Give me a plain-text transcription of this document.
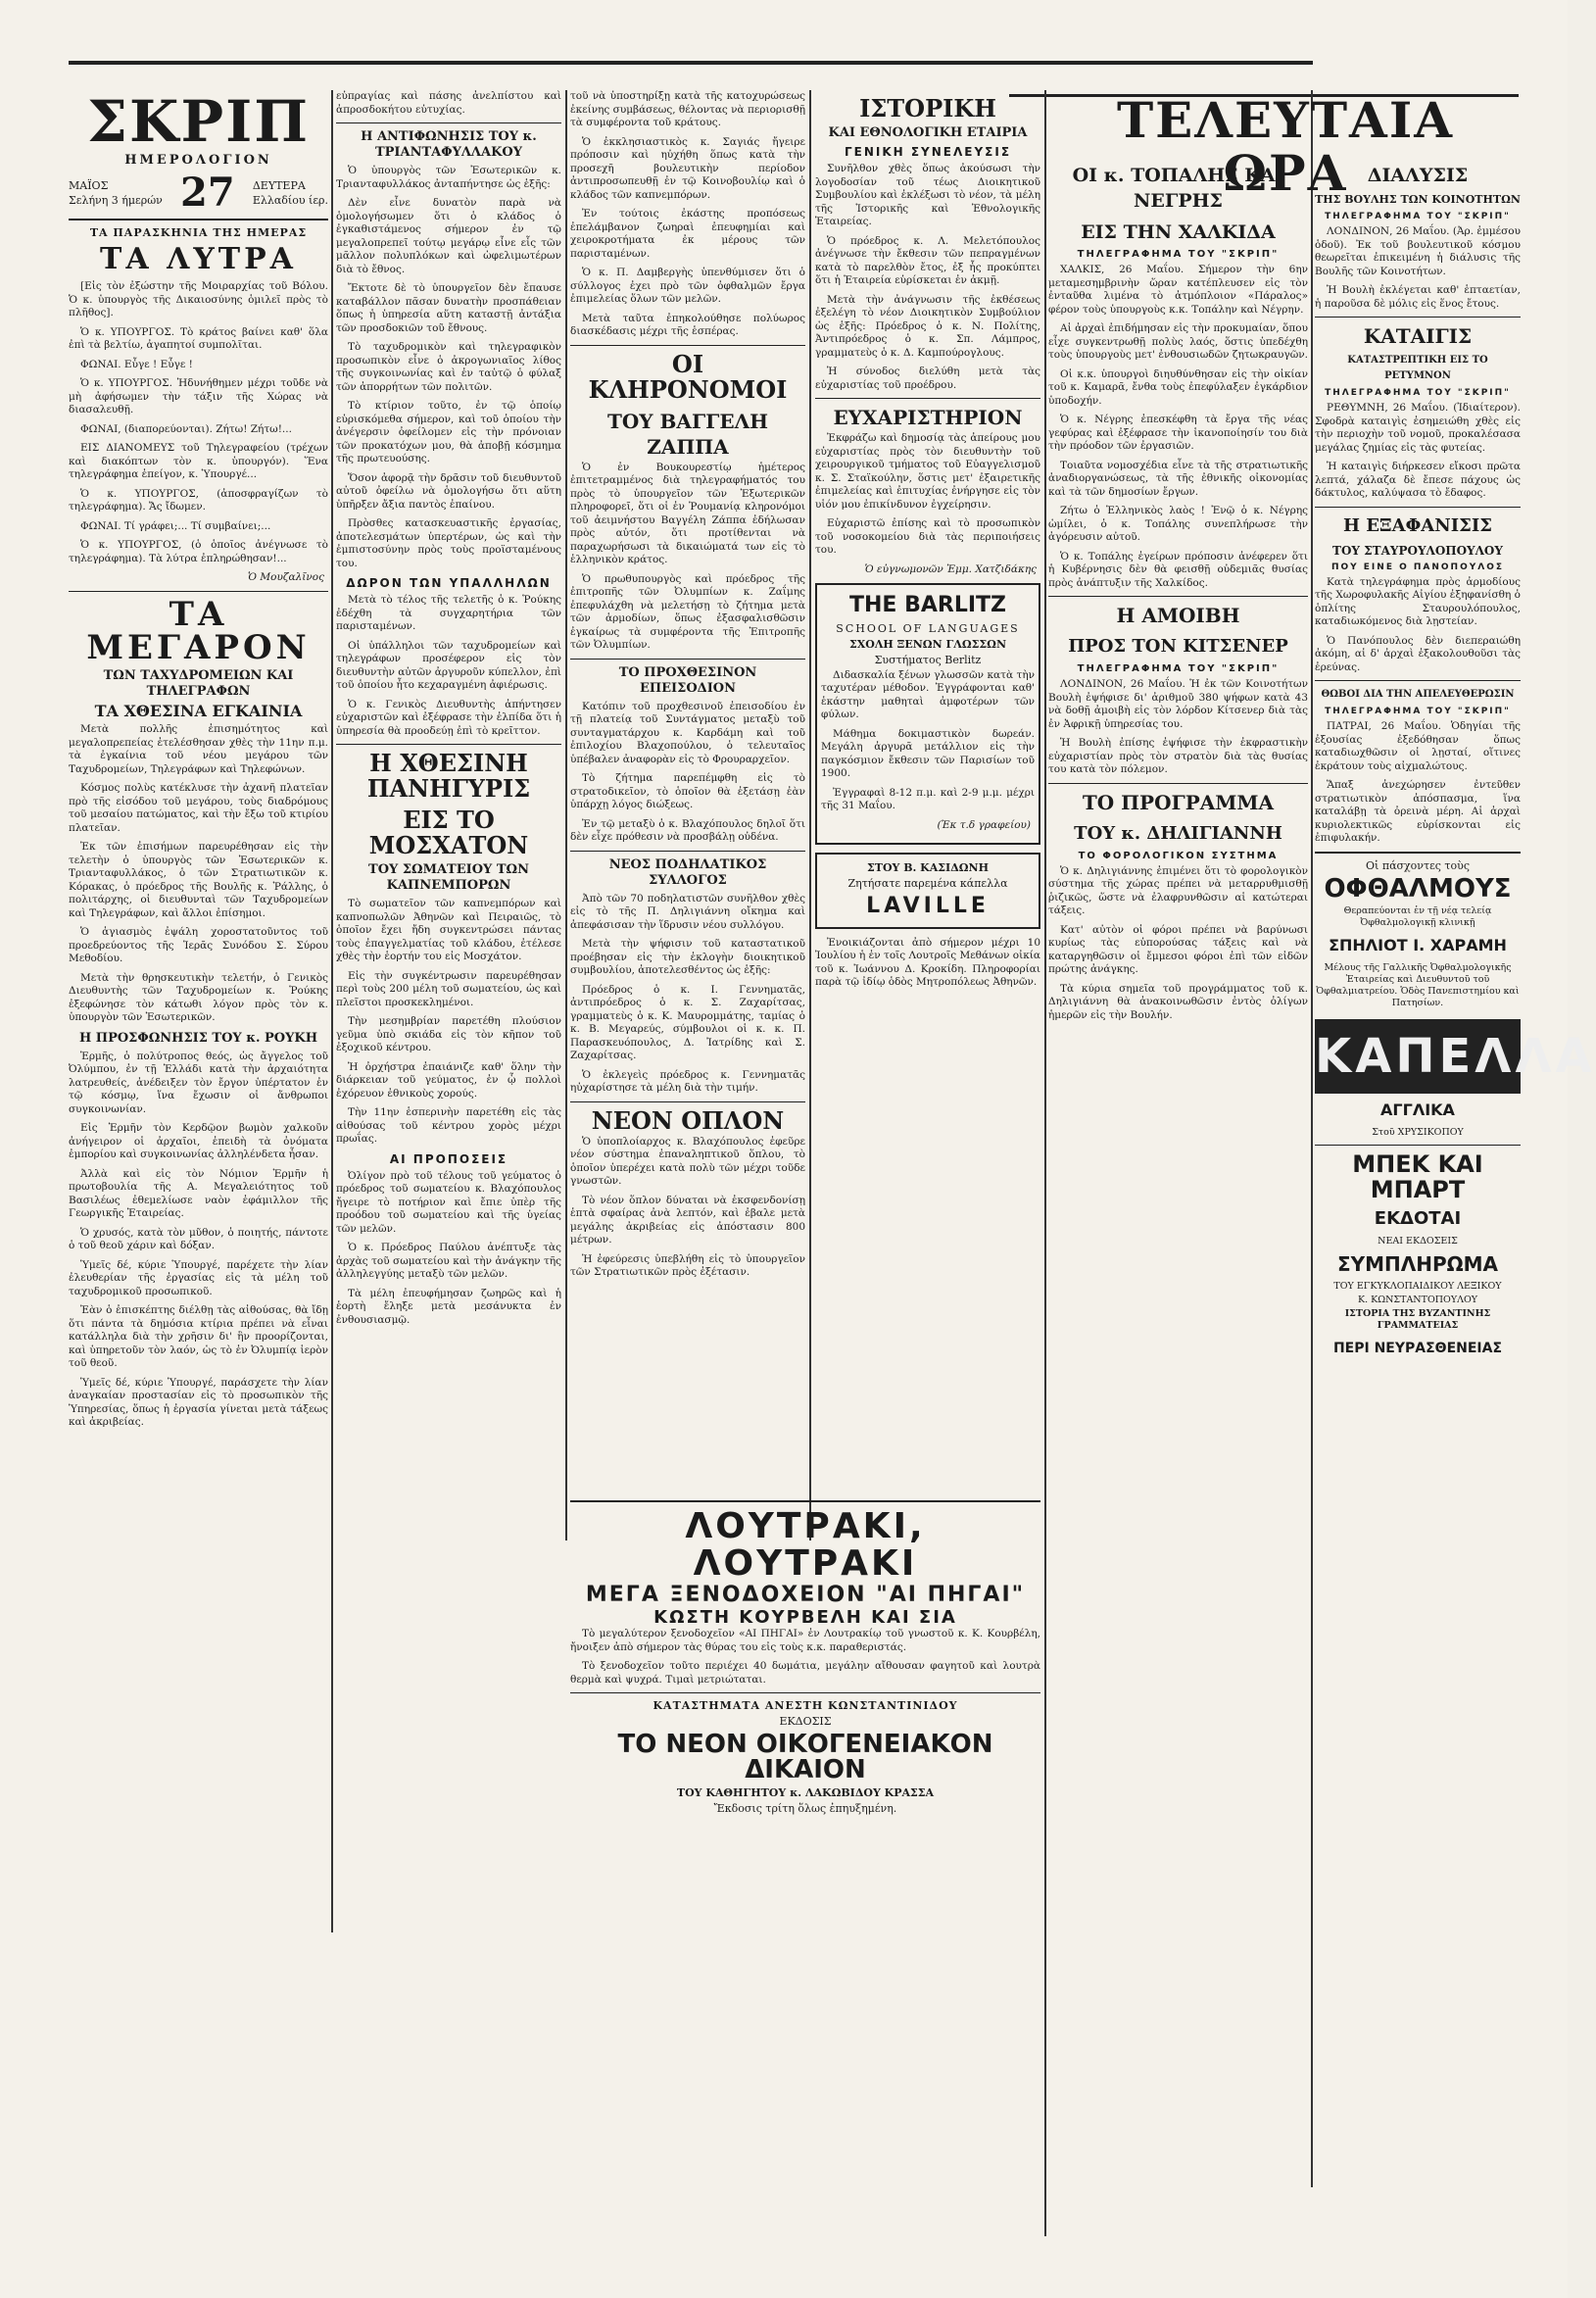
ΣΚΡΙΠ
ΗΜΕΡΟΛΟΓΙΟΝ
ΜΑΪΟΣ
Σελήνη 3 ήμερών 27 ΔΕΥΤΕΡΑ
Ελλαδίου ίερ.
ΤΑ ΠΑΡΑΣΚΗΝΙΑ ΤΗΣ ΗΜΕΡΑΣ
ΤΑ ΛΥΤΡΑ

[Εἰς τὸν ἐξώστην τῆς Μοιραρχίας τοῦ Βόλου. Ὁ κ. ὑπουργὸς τῆς Δικαιοσύνης ὁμιλεῖ πρὸς τὸ πλῆθος].

Ὁ κ. ΥΠΟΥΡΓΟΣ. Τὸ κράτος βαίνει καθ' ὅλα ἐπὶ τὰ βελτίω, ἀγαπητοί συμπολῖται.

ΦΩΝΑΙ. Εὖγε ! Εὖγε !

Ὁ κ. ΥΠΟΥΡΓΟΣ. Ἠδυνήθημεν μέχρι τοῦδε νὰ μὴ ἀφήσωμεν τὴν τάξιν τῆς Χώρας νὰ διασαλευθῇ.

ΦΩΝΑΙ, (διαπορεύονται). Ζήτω! Ζήτω!...

ΕΙΣ ΔΙΑΝΟΜΕΥΣ τοῦ Τηλεγραφείου (τρέχων καὶ διακόπτων τὸν κ. ὑπουργόν). Ἕνα τηλεγράφημα ἐπείγον, κ. Ὑπουργέ...

Ὁ κ. ΥΠΟΥΡΓΟΣ, (ἀποσφραγίζων τὸ τηλεγράφημα). Ἄς ἴδωμεν.

ΦΩΝΑΙ. Τί γράφει;... Τί συμβαίνει;...

Ὁ κ. ΥΠΟΥΡΓΟΣ, (ὁ ὁποῖος ἀνέγνωσε τὸ τηλεγράφημα). Τὰ λύτρα ἐπληρώθησαν!...

Ὁ Μουζαλῖνος
ΤΑ ΜΕΓΑΡΟΝ
ΤΩΝ ΤΑΧΥΔΡΟΜΕΙΩΝ ΚΑΙ ΤΗΛΕΓΡΑΦΩΝ
ΤΑ ΧΘΕΣΙΝΑ ΕΓΚΑΙΝΙΑ

Μετὰ πολλῆς ἐπισημότητος καὶ μεγαλοπρεπείας ἐτελέσθησαν χθὲς τὴν 11ην π.μ. τὰ ἐγκαίνια τοῦ νέου μεγάρου τῶν Ταχυδρομείων, Τηλεγράφων καὶ Τηλεφώνων.

Κόσμος πολὺς κατέκλυσε τὴν ἀχανῆ πλατεῖαν πρὸ τῆς εἰσόδου τοῦ μεγάρου, τοὺς διαδρόμους τοῦ μεσαίου πατώματος, καὶ τὴν ἔξω τοῦ κτιρίου πλατεῖαν.

Ἐκ τῶν ἐπισήμων παρευρέθησαν εἰς τὴν τελετὴν ὁ ὑπουργὸς τῶν Ἐσωτερικῶν κ. Τριανταφυλλάκος, ὁ τῶν Στρατιωτικῶν κ. Κόρακας, ὁ πρόεδρος τῆς Βουλῆς κ. Ῥάλλης, ὁ πολιτάρχης, οἱ διευθυνταὶ τῶν Ταχυδρομείων καὶ Τηλεγράφων, καὶ ἄλλοι ἐπίσημοι.

Ὁ ἁγιασμὸς ἐψάλη χοροστατοῦντος τοῦ προεδρεύοντος τῆς Ἱερᾶς Συνόδου Σ. Σύρου Μεθοδίου.

Μετὰ τὴν θρησκευτικὴν τελετήν, ὁ Γενικὸς Διευθυντὴς τῶν Ταχυδρομείων κ. Ῥούκης ἐξεφώνησε τὸν κάτωθι λόγον πρὸς τὸν κ. ὑπουργὸν τῶν Ἐσωτερικῶν.

Η ΠΡΟΣΦΩΝΗΣΙΣ ΤΟΥ κ. ΡΟΥΚΗ

Ἑρμῆς, ὁ πολύτροπος θεός, ὡς ἄγγελος τοῦ Ὀλύμπου, ἐν τῇ Ἑλλάδι κατὰ τὴν ἀρχαιότητα λατρευθείς, ἀνέδειξεν τὸν ἔργον ὑπέρτατον ἐν τῷ κόσμῳ, ἵνα ἔχωσιν οἱ ἄνθρωποι συγκοινωνίαν.

Εἰς Ἑρμῆν τὸν Κερδῷον βωμὸν χαλκοῦν ἀνήγειρον οἱ ἀρχαῖοι, ἐπειδὴ τὰ ὀνόματα ἐμπορίου καὶ συγκοινωνίας ἀλληλένδετα ἦσαν.

Ἀλλὰ καὶ εἰς τὸν Νόμιον Ἑρμῆν ἡ πρωτοβουλία τῆς Α. Μεγαλειότητος τοῦ Βασιλέως ἐθεμελίωσε ναὸν ἐφάμιλλον τῆς Γεωργικῆς Ἑταιρείας.

Ὁ χρυσός, κατὰ τὸν μῦθον, ὁ ποιητής, πάντοτε ὁ τοῦ θεοῦ χάριν καὶ δόξαν.

Ὑμεῖς δέ, κύριε Ὑπουργέ, παρέχετε τὴν λίαν ἐλευθερίαν τῆς ἐργασίας εἰς τὰ μέλη τοῦ ταχυδρομικοῦ προσωπικοῦ.

Ἐὰν ὁ ἐπισκέπτης διέλθῃ τὰς αἰθούσας, θὰ ἴδῃ ὅτι πάντα τὰ δημόσια κτίρια πρέπει νὰ εἶναι κατάλληλα διὰ τὴν χρῆσιν δι' ἣν προορίζονται, καὶ ὑπηρετοῦν τὸν λαόν, ὡς τὸ ἐν Ὀλυμπίᾳ ἱερὸν τοῦ θεοῦ.

Ὑμεῖς δέ, κύριε Ὑπουργέ, παράσχετε τὴν λίαν ἀναγκαίαν προστασίαν εἰς τὸ προσωπικὸν τῆς Ὑπηρεσίας, ὅπως ἡ ἐργασία γίνεται μετὰ τάξεως καὶ ἀκριβείας.

εὐπραγίας καὶ πάσης ἀνελπίστου καὶ ἀπροσδοκήτου εὐτυχίας.

Η ΑΝΤΙΦΩΝΗΣΙΣ ΤΟΥ κ. ΤΡΙΑΝΤΑΦΥΛΛΑΚΟΥ

Ὁ ὑπουργὸς τῶν Ἐσωτερικῶν κ. Τριανταφυλλάκος ἀνταπήντησε ὡς ἑξῆς:

Δὲν εἶνε δυνατὸν παρὰ νὰ ὁμολογήσωμεν ὅτι ὁ κλάδος ὁ ἐγκαθιστάμενος σήμερον ἐν τῷ μεγαλοπρεπεῖ τούτῳ μεγάρῳ εἶνε εἷς τῶν μᾶλλον πολυπλόκων καὶ ὠφελιμωτέρων διὰ τὸ ἔθνος.

Ἔκτοτε δὲ τὸ ὑπουργεῖον δὲν ἔπαυσε καταβάλλον πᾶσαν δυνατὴν προσπάθειαν ὅπως ἡ ὑπηρεσία αὕτη καταστῇ ἀντάξια τῶν προσδοκιῶν τοῦ ἔθνους.

Τὸ ταχυδρομικὸν καὶ τηλεγραφικὸν προσωπικὸν εἶνε ὁ ἀκρογωνιαῖος λίθος τῆς συγκοινωνίας καὶ ἐν ταὐτῷ ὁ φύλαξ τῶν ἀπορρήτων τῶν πολιτῶν.

Τὸ κτίριον τοῦτο, ἐν τῷ ὁποίῳ εὑρισκόμεθα σήμερον, καὶ τοῦ ὁποίου τὴν ἀνέγερσιν ὀφείλομεν εἰς τὴν πρόνοιαν τῶν προκατόχων μου, θὰ ἀποβῇ κόσμημα τῆς πρωτευούσης.

Ὅσον ἀφορᾷ τὴν δρᾶσιν τοῦ διευθυντοῦ αὐτοῦ ὀφείλω νὰ ὁμολογήσω ὅτι αὕτη ὑπῆρξεν ἄξια παντὸς ἐπαίνου.

Πρὸσθες κατασκευαστικῆς ἐργασίας, ἀποτελεσμάτων ὑπερτέρων, ὡς καὶ τὴν ἐμπιστοσύνην πρὸς τοὺς προϊσταμένους του.

ΔΩΡΟΝ ΤΩΝ ΥΠΑΛΛΗΛΩΝ

Μετὰ τὸ τέλος τῆς τελετῆς ὁ κ. Ῥούκης ἐδέχθη τὰ συγχαρητήρια τῶν παρισταμένων.

Οἱ ὑπάλληλοι τῶν ταχυδρομείων καὶ τηλεγράφων προσέφερον εἰς τὸν διευθυντὴν αὐτῶν ἀργυροῦν κύπελλον, ἐπὶ τοῦ ὁποίου ἦτο κεχαραγμένη ἀφιέρωσις.

Ὁ κ. Γενικὸς Διευθυντὴς ἀπήντησεν εὐχαριστῶν καὶ ἐξέφρασε τὴν ἐλπίδα ὅτι ἡ ὑπηρεσία θὰ προοδεύῃ ἐπὶ τὸ κρεῖττον.

Η ΧΘΕΣΙΝΗ ΠΑΝΗΓΥΡΙΣ
ΕΙΣ ΤΟ ΜΟΣΧΑΤΟΝ
ΤΟΥ ΣΩΜΑΤΕΙΟΥ ΤΩΝ ΚΑΠΝΕΜΠΟΡΩΝ

Τὸ σωματεῖον τῶν καπνεμπόρων καὶ καπνοπωλῶν Ἀθηνῶν καὶ Πειραιῶς, τὸ ὁποῖον ἔχει ἤδη συγκεντρώσει πάντας τοὺς ἐπαγγελματίας τοῦ κλάδου, ἐτέλεσε χθὲς τὴν ἑορτήν του εἰς Μοσχάτον.

Εἰς τὴν συγκέντρωσιν παρευρέθησαν περὶ τοὺς 200 μέλη τοῦ σωματείου, ὡς καὶ πλεῖστοι προσκεκλημένοι.

Τὴν μεσημβρίαν παρετέθη πλούσιον γεῦμα ὑπὸ σκιάδα εἰς τὸν κῆπον τοῦ ἐξοχικοῦ κέντρου.

Ἡ ὀρχήστρα ἐπαιάνιζε καθ' ὅλην τὴν διάρκειαν τοῦ γεύματος, ἐν ᾧ πολλοὶ ἐχόρευον ἐθνικοὺς χορούς.

Τὴν 11ην ἑσπερινὴν παρετέθη εἰς τὰς αἰθούσας τοῦ κέντρου χορὸς μέχρι πρωΐας.

ΑΙ ΠΡΟΠΟΣΕΙΣ

Ὀλίγον πρὸ τοῦ τέλους τοῦ γεύματος ὁ πρόεδρος τοῦ σωματείου κ. Βλαχόπουλος ἤγειρε τὸ ποτήριον καὶ ἔπιε ὑπὲρ τῆς προόδου τοῦ σωματείου καὶ τῆς ὑγείας τῶν μελῶν.

Ὁ κ. Πρόεδρος Παύλου ἀνέπτυξε τὰς ἀρχὰς τοῦ σωματείου καὶ τὴν ἀνάγκην τῆς ἀλληλεγγύης μεταξὺ τῶν μελῶν.

Τὰ μέλη ἐπευφήμησαν ζωηρῶς καὶ ἡ ἑορτὴ ἔληξε μετὰ μεσάνυκτα ἐν ἐνθουσιασμῷ.

τοῦ νὰ ὑποστηρίξῃ κατὰ τῆς κατοχυρώσεως ἐκείνης συμβάσεως, θέλοντας νὰ περιορισθῇ τὰ συμφέροντα τοῦ κράτους.

Ὁ ἐκκλησιαστικὸς κ. Σαγιάς ἤγειρε πρόποσιν καὶ ηὐχήθη ὅπως κατὰ τὴν προσεχῆ βουλευτικὴν περίοδον ἀντιπροσωπευθῇ ἐν τῷ Κοινοβουλίῳ καὶ ὁ κλάδος τῶν καπνεμπόρων.

Ἐν τούτοις ἐκάστης προπόσεως ἐπελάμβανον ζωηραὶ ἐπευφημίαι καὶ χειροκροτήματα ἐκ μέρους τῶν παρισταμένων.

Ὁ κ. Π. Δαμβεργὴς ὑπενθύμισεν ὅτι ὁ σύλλογος ἐχει πρὸ τῶν ὀφθαλμῶν ἔργα ἐπιμελείας ὅλων τῶν μελῶν.

Μετὰ ταῦτα ἐπηκολούθησε πολύωρος διασκέδασις μέχρι τῆς ἑσπέρας.

ΟΙ ΚΛΗΡΟΝΟΜΟΙ
ΤΟΥ ΒΑΓΓΕΛΗ ΖΑΠΠΑ

Ὁ ἐν Βουκουρεστίῳ ἡμέτερος ἐπιτετραμμένος διὰ τηλεγραφήματός του πρὸς τὸ ὑπουργεῖον τῶν Ἐξωτερικῶν πληροφορεῖ, ὅτι οἱ ἐν Ῥουμανίᾳ κληρονόμοι τοῦ ἀειμνήστου Βαγγέλη Ζάππα ἐδήλωσαν πρὸς αὐτόν, ὅτι προτίθενται νὰ παραχωρήσωσι τὰ δικαιώματά των εἰς τὸ ἑλληνικὸν κράτος.

Ὁ πρωθυπουργὸς καὶ πρόεδρος τῆς ἐπιτροπῆς τῶν Ὀλυμπίων κ. Ζαΐμης ἐπεφυλάχθη νὰ μελετήσῃ τὸ ζήτημα μετὰ τῶν ἁρμοδίων, ὅπως ἐξασφαλισθῶσιν ἐγκαίρως τὰ συμφέροντα τῆς Ἐπιτροπῆς τῶν Ὀλυμπίων.

ΤΟ ΠΡΟΧΘΕΣΙΝΟΝ ΕΠΕΙΣΟΔΙΟΝ

Κατόπιν τοῦ προχθεσινοῦ ἐπεισοδίου ἐν τῇ πλατείᾳ τοῦ Συντάγματος μεταξὺ τοῦ συνταγματάρχου κ. Καρδάμη καὶ τοῦ ἐπιλοχίου Βλαχοπούλου, ὁ τελευταῖος ὑπέβαλεν ἀναφορὰν εἰς τὸ Φρουραρχεῖον.

Τὸ ζήτημα παρεπέμφθη εἰς τὸ στρατοδικεῖον, τὸ ὁποῖον θὰ ἐξετάσῃ ἐὰν ὑπάρχῃ λόγος διώξεως.

Ἐν τῷ μεταξὺ ὁ κ. Βλαχόπουλος δηλοῖ ὅτι δὲν εἶχε πρόθεσιν νὰ προσβάλῃ οὐδένα.

ΝΕΟΣ ΠΟΔΗΛΑΤΙΚΟΣ ΣΥΛΛΟΓΟΣ

Ἀπὸ τῶν 70 ποδηλατιστῶν συνῆλθον χθὲς εἰς τὸ τῆς Π. Δηλιγιάννη οἴκημα καὶ ἀπεφάσισαν τὴν ἵδρυσιν νέου συλλόγου.

Μετὰ τὴν ψήφισιν τοῦ καταστατικοῦ προέβησαν εἰς τὴν ἐκλογὴν διοικητικοῦ συμβουλίου, ἀποτελεσθέντος ὡς ἑξῆς:

Πρόεδρος ὁ κ. Ι. Γεννηματᾶς, ἀντιπρόεδρος ὁ κ. Σ. Ζαχαρίτσας, γραμματεὺς ὁ κ. Κ. Μαυρομμάτης, ταμίας ὁ κ. Β. Μεγαρεύς, σύμβουλοι οἱ κ. κ. Π. Παρασκευόπουλος, Δ. Ἰατρίδης καὶ Σ. Ζαχαρίτσας.

Ὁ ἐκλεγεὶς πρόεδρος κ. Γεννηματᾶς ηὐχαρίστησε τὰ μέλη διὰ τὴν τιμήν.

ΝΕΟΝ ΟΠΛΟΝ

Ὁ ὑποπλοίαρχος κ. Βλαχόπουλος ἐφεῦρε νέον σύστημα ἐπαναληπτικοῦ ὅπλου, τὸ ὁποῖον ὑπερέχει κατὰ πολὺ τῶν μέχρι τοῦδε γνωστῶν.

Τὸ νέον ὅπλον δύναται νὰ ἐκσφενδονίσῃ ἑπτὰ σφαίρας ἀνὰ λεπτόν, καὶ ἐβαλε μετὰ μεγάλης ἀκριβείας εἰς ἀπόστασιν 800 μέτρων.

Ἡ ἐφεύρεσις ὑπεβλήθη εἰς τὸ ὑπουργεῖον τῶν Στρατιωτικῶν πρὸς ἐξέτασιν.

ΙΣΤΟΡΙΚΗ
ΚΑΙ ΕΘΝΟΛΟΓΙΚΗ ΕΤΑΙΡΙΑ
ΓΕΝΙΚΗ ΣΥΝΕΛΕΥΣΙΣ

Συνῆλθον χθὲς ὅπως ἀκούσωσι τὴν λογοδοσίαν τοῦ τέως Διοικητικοῦ Συμβουλίου καὶ ἐκλέξωσι τὸ νέον, τὰ μέλη τῆς Ἱστορικῆς καὶ Ἐθνολογικῆς Ἑταιρείας.

Ὁ πρόεδρος κ. Λ. Μελετόπουλος ἀνέγνωσε τὴν ἔκθεσιν τῶν πεπραγμένων κατὰ τὸ παρελθὸν ἔτος, ἐξ ἧς προκύπτει ὅτι ἡ Ἑταιρεία εὑρίσκεται ἐν ἀκμῇ.

Μετὰ τὴν ἀνάγνωσιν τῆς ἐκθέσεως ἐξελέγη τὸ νέον Διοικητικὸν Συμβούλιον ὡς ἑξῆς: Πρόεδρος ὁ κ. Ν. Πολίτης, Ἀντιπρόεδρος ὁ κ. Σπ. Λάμπρος, γραμματεὺς ὁ κ. Δ. Καμπούρογλους.

Ἡ σύνοδος διελύθη μετὰ τὰς εὐχαριστίας τοῦ προέδρου.

ΕΥΧΑΡΙΣΤΗΡΙΟΝ

Ἐκφράζω καὶ δημοσίᾳ τὰς ἀπείρους μου εὐχαριστίας πρὸς τὸν διευθυντὴν τοῦ χειρουργικοῦ τμήματος τοῦ Εὐαγγελισμοῦ κ. Σ. Σταϊκούλην, ὅστις μετ' ἐξαιρετικῆς ἐπιμελείας καὶ ἐπιτυχίας ἐνήργησε εἰς τὸν υἱόν μου ἐπικίνδυνον ἐγχείρησιν.

Εὐχαριστῶ ἐπίσης καὶ τὸ προσωπικὸν τοῦ νοσοκομείου διὰ τὰς περιποιήσεις του.

Ὁ εὐγνωμονῶν Ἐμμ. Χατζιδάκης
THE BARLITZ
SCHOOL OF LANGUAGES
ΣΧΟΛΗ ΞΕΝΩΝ ΓΛΩΣΣΩΝ
Συστήματος Berlitz

Διδασκαλία ξένων γλωσσῶν κατὰ τὴν ταχυτέραν μέθοδον. Ἐγγράφονται καθ' ἑκάστην μαθηταὶ ἀμφοτέρων τῶν φύλων.

Μάθημα δοκιμαστικὸν δωρεάν. Μεγάλη ἀργυρᾶ μετάλλιον εἰς τὴν παγκόσμιον ἔκθεσιν τῶν Παρισίων τοῦ 1900.

Ἐγγραφαὶ 8-12 π.μ. καὶ 2-9 μ.μ. μέχρι τῆς 31 Μαΐου.

(Ἐκ τ.δ γραφείου)
ΣΤΟΥ Β. ΚΑΣΙΔΩΝΗ
Ζητήσατε παρεμένα κάπελλα
LAVILLE

Ἐνοικιάζονται ἀπὸ σήμερον μέχρι 10 Ἰουλίου ἡ ἐν τοῖς Λουτροῖς Μεθάνων οἰκία τοῦ κ. Ἰωάννου Δ. Κροκίδη. Πληροφορίαι παρὰ τῷ ἰδίῳ ὁδὸς Μητροπόλεως Ἀθηνῶν.

ΛΟΥΤΡΑΚΙ, ΛΟΥΤΡΑΚΙ
ΜΕΓΑ ΞΕΝΟΔΟΧΕΙΟΝ "ΑΙ ΠΗΓΑΙ"
ΚΩΣΤΗ ΚΟΥΡΒΕΛΗ ΚΑΙ ΣΙΑ

Τὸ μεγαλύτερον ξενοδοχεῖον «ΑΙ ΠΗΓΑΙ» ἐν Λουτρακίῳ τοῦ γνωστοῦ κ. Κ. Κουρβέλη, ἤνοιξεν ἀπὸ σήμερον τὰς θύρας του εἰς τοὺς κ.κ. παραθεριστάς.

Τὸ ξενοδοχεῖον τοῦτο περιέχει 40 δωμάτια, μεγάλην αἴθουσαν φαγητοῦ καὶ λουτρὰ θερμὰ καὶ ψυχρά. Τιμαὶ μετριώταται.

ΚΑΤΑΣΤΗΜΑΤΑ ΑΝΕΣΤΗ ΚΩΝΣΤΑΝΤΙΝΙΔΟΥ
ΕΚΔΟΣΙΣ
ΤΟ ΝΕΟΝ ΟΙΚΟΓΕΝΕΙΑΚΟΝ ΔΙΚΑΙΟΝ
ΤΟΥ ΚΑΘΗΓΗΤΟΥ κ. ΛΑΚΩΒΙΔΟΥ ΚΡΑΣΣΑ
Ἔκδοσις τρίτη ὅλως ἐπηυξημένη.
ΤΕΛΕΥΤΑΙΑ ΩΡΑ
ΟΙ κ. ΤΟΠΑΛΗΣ ΚΑΙ ΝΕΓΡΗΣ
ΕΙΣ ΤΗΝ ΧΑΛΚΙΔΑ
ΤΗΛΕΓΡΑΦΗΜΑ ΤΟΥ "ΣΚΡΙΠ"

ΧΑΛΚΙΣ, 26 Μαΐου. Σήμερον τὴν 6ην μεταμεσημβρινὴν ὥραν κατέπλευσεν εἰς τὸν ἐνταῦθα λιμένα τὸ ἀτμόπλοιον «Πάραλος» φέρον τοὺς ὑπουργοὺς κ.κ. Τοπάλην καὶ Νέγρην.

Αἱ ἀρχαὶ ἐπιδήμησαν εἰς τὴν προκυμαίαν, ὅπου εἶχε συγκεντρωθῇ πολὺς λαός, ὅστις ὑπεδέχθη τοὺς ὑπουργοὺς μετ' ἐνθουσιωδῶν ζητωκραυγῶν.

Οἱ κ.κ. ὑπουργοὶ διηυθύνθησαν εἰς τὴν οἰκίαν τοῦ κ. Καμαρᾶ, ἔνθα τοὺς ἐπεφύλαξεν ἐγκάρδιον ὑποδοχήν.

Ὁ κ. Νέγρης ἐπεσκέφθη τὰ ἔργα τῆς νέας γεφύρας καὶ ἐξέφρασε τὴν ἱκανοποίησίν του διὰ τὴν πρόοδον τῶν ἐργασιῶν.

Τοιαῦτα νομοσχέδια εἶνε τὰ τῆς στρατιωτικῆς ἀναδιοργανώσεως, τὰ τῆς ἐθνικῆς οἰκονομίας καὶ τὰ τῶν δημοσίων ἔργων.

Ζήτω ὁ Ἑλληνικὸς λαὸς ! Ἐνῷ ὁ κ. Νέγρης ὡμίλει, ὁ κ. Τοπάλης συνεπλήρωσε τὴν ἀγόρευσιν αὐτοῦ.

Ὁ κ. Τοπάλης ἐγείρων πρόποσιν ἀνέφερεν ὅτι ἡ Κυβέρνησις δὲν θὰ φεισθῇ οὐδεμιᾶς θυσίας πρὸς ἀνάπτυξιν τῆς Χαλκίδος.

Η ΑΜΟΙΒΗ
ΠΡΟΣ ΤΟΝ ΚΙΤΣΕΝΕΡ
ΤΗΛΕΓΡΑΦΗΜΑ ΤΟΥ "ΣΚΡΙΠ"

ΛΟΝΔΙΝΟΝ, 26 Μαΐου. Ἡ ἐκ τῶν Κοινοτήτων Βουλὴ ἐψήφισε δι' ἀριθμοῦ 380 ψήφων κατὰ 43 νὰ δοθῇ ἀμοιβὴ εἰς τὸν λόρδον Κίτσενερ διὰ τὰς ἐν Ἀφρικῇ ὑπηρεσίας του.

Ἡ Βουλὴ ἐπίσης ἐψήφισε τὴν ἐκφραστικὴν εὐχαριστίαν πρὸς τὸν στρατὸν διὰ τὰς θυσίας του κατὰ τὸν πόλεμον.

ΤΟ ΠΡΟΓΡΑΜΜΑ
ΤΟΥ κ. ΔΗΛΙΓΙΑΝΝΗ
ΤΟ ΦΟΡΟΛΟΓΙΚΟΝ ΣΥΣΤΗΜΑ

Ὁ κ. Δηλιγιάννης ἐπιμένει ὅτι τὸ φορολογικὸν σύστημα τῆς χώρας πρέπει νὰ μεταρρυθμισθῇ ῥιζικῶς, ὥστε νὰ ἐλαφρυνθῶσιν αἱ κατώτεραι τάξεις.

Κατ' αὐτὸν οἱ φόροι πρέπει νὰ βαρύνωσι κυρίως τὰς εὐπορούσας τάξεις καὶ νὰ καταργηθῶσιν οἱ ἔμμεσοι φόροι ἐπὶ τῶν εἰδῶν πρώτης ἀνάγκης.

Τὰ κύρια σημεῖα τοῦ προγράμματος τοῦ κ. Δηλιγιάννη θὰ ἀνακοινωθῶσιν ἐντὸς ὀλίγων ἡμερῶν εἰς τὴν Βουλήν.

ΔΙΑΛΥΣΙΣ
ΤΗΣ ΒΟΥΛΗΣ ΤΩΝ ΚΟΙΝΟΤΗΤΩΝ
ΤΗΛΕΓΡΑΦΗΜΑ ΤΟΥ "ΣΚΡΙΠ"

ΛΟΝΔΙΝΟΝ, 26 Μαΐου. (Ἀρ. ἐμμέσου ὁδοῦ). Ἐκ τοῦ βουλευτικοῦ κόσμου θεωρεῖται ἐπικειμένη ἡ διάλυσις τῆς Βουλῆς τῶν Κοινοτήτων.

Ἡ Βουλὴ ἐκλέγεται καθ' ἑπταετίαν, ἡ παροῦσα δὲ μόλις εἰς ἕνος ἔτους.

ΚΑΤΑΙΓΙΣ
ΚΑΤΑΣΤΡΕΠΤΙΚΗ ΕΙΣ ΤΟ ΡΕΤΥΜΝΟΝ
ΤΗΛΕΓΡΑΦΗΜΑ ΤΟΥ "ΣΚΡΙΠ"

ΡΕΘΥΜΝΗ, 26 Μαΐου. (Ἰδιαίτερον). Σφοδρὰ καταιγὶς ἐσημειώθη χθὲς εἰς τὴν περιοχὴν τοῦ νομοῦ, προκαλέσασα μεγάλας ζημίας εἰς τὰς φυτείας.

Ἡ καταιγὶς διήρκεσεν εἴκοσι πρῶτα λεπτά, χάλαζα δὲ ἔπεσε πάχους ὡς δάκτυλος, καλύψασα τὸ ἔδαφος.

Η ΕΞΑΦΑΝΙΣΙΣ
ΤΟΥ ΣΤΑΥΡΟΥΛΟΠΟΥΛΟΥ
ΠΟΥ ΕΙΝΕ Ο ΠΑΝΟΠΟΥΛΟΣ

Κατὰ τηλεγράφημα πρὸς ἀρμοδίους τῆς Χωροφυλακῆς Αἰγίου ἐξηφανίσθη ὁ ὁπλίτης Σταυρουλόπουλος, καταδιωκόμενος διὰ λῃστείαν.

Ὁ Πανόπουλος δὲν διεπεραιώθη ἀκόμη, αἱ δ' ἀρχαὶ ἐξακολουθοῦσι τὰς ἐρεύνας.

ΘΩΒΟΙ ΔΙΑ ΤΗΝ ΑΠΕΛΕΥΘΕΡΩΣΙΝ
ΤΗΛΕΓΡΑΦΗΜΑ ΤΟΥ "ΣΚΡΙΠ"

ΠΑΤΡΑΙ, 26 Μαΐου. Ὁδηγίαι τῆς ἐξουσίας ἐξεδόθησαν ὅπως καταδιωχθῶσιν οἱ λῃσταί, οἵτινες ἐκράτουν τοὺς αἰχμαλώτους.

Ἅπαξ ἀνεχώρησεν ἐντεῦθεν στρατιωτικὸν ἀπόσπασμα, ἵνα καταλάβῃ τὰ ὀρεινὰ μέρη. Αἱ ἀρχαὶ κυριολεκτικῶς εὑρίσκονται εἰς ἐπιφυλακήν.

Οἱ πάσχοντες τοὺς
ΟΦΘΑΛΜΟΥΣ
Θεραπεύονται ἐν τῇ νέᾳ τελείᾳ Ὀφθαλμολογικῇ κλινικῇ
ΣΠΗΛΙΟΤ Ι. ΧΑΡΑΜΗ
Μέλους τῆς Γαλλικῆς Ὀφθαλμολογικῆς Ἑταιρείας καὶ Διευθυντοῦ τοῦ Ὀφθαλμιατρείου. Ὁδὸς Πανεπιστημίου καὶ Πατησίων.
ΚΑΠΕΛΛΑ
ΑΓΓΛΙΚΑ
Στοῦ ΧΡΥΣΙΚΟΠΟΥ
ΜΠΕΚ ΚΑΙ ΜΠΑΡΤ
ΕΚΔΟΤΑΙ
ΝΕΑΙ ΕΚΔΟΣΕΙΣ
ΣΥΜΠΛΗΡΩΜΑ
ΤΟΥ ΕΓΚΥΚΛΟΠΑΙΔΙΚΟΥ ΛΕΞΙΚΟΥ
Κ. ΚΩΝΣΤΑΝΤΟΠΟΥΛΟΥ
ΙΣΤΟΡΙΑ ΤΗΣ ΒΥΖΑΝΤΙΝΗΣ ΓΡΑΜΜΑΤΕΙΑΣ
ΠΕΡΙ ΝΕΥΡΑΣΘΕΝΕΙΑΣ
